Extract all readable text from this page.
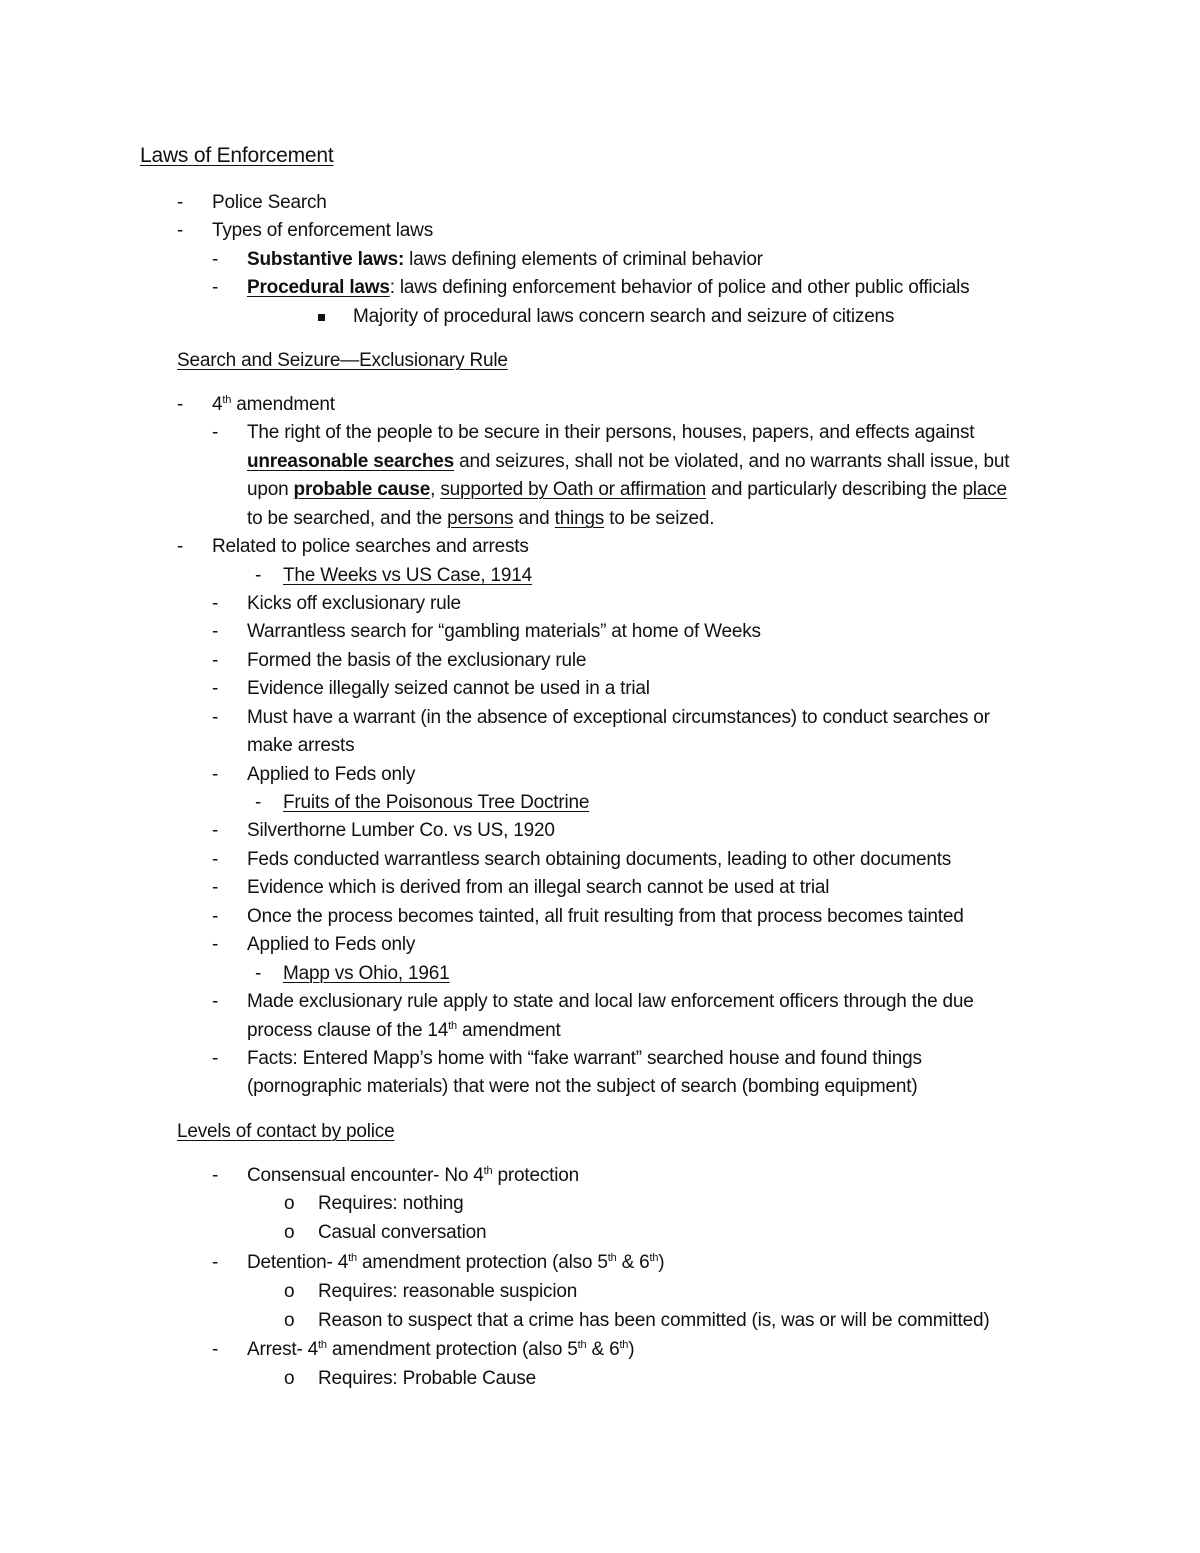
Laws of Enforcement
- Police Search
- Types of enforcement laws
- Substantive laws: laws defining elements of criminal behavior
- Procedural laws: laws defining enforcement behavior of police and other public officials
Majority of procedural laws concern search and seizure of citizens
Search and Seizure—Exclusionary Rule
- 4th amendment
- The right of the people to be secure in their persons, houses, papers, and effects against
unreasonable searches and seizures, shall not be violated, and no warrants shall issue, but
upon probable cause, supported by Oath or affirmation and particularly describing the place
to be searched, and the persons and things to be seized.
- Related to police searches and arrests
- The Weeks vs US Case, 1914
- Kicks off exclusionary rule
- Warrantless search for “gambling materials” at home of Weeks
- Formed the basis of the exclusionary rule
- Evidence illegally seized cannot be used in a trial
- Must have a warrant (in the absence of exceptional circumstances) to conduct searches or
make arrests
- Applied to Feds only
- Fruits of the Poisonous Tree Doctrine
- Silverthorne Lumber Co. vs US, 1920
- Feds conducted warrantless search obtaining documents, leading to other documents
- Evidence which is derived from an illegal search cannot be used at trial
- Once the process becomes tainted, all fruit resulting from that process becomes tainted
- Applied to Feds only
- Mapp vs Ohio, 1961
- Made exclusionary rule apply to state and local law enforcement officers through the due
process clause of the 14th amendment
- Facts: Entered Mapp’s home with “fake warrant” searched house and found things
(pornographic materials) that were not the subject of search (bombing equipment)
Levels of contact by police
- Consensual encounter- No 4th protection
o Requires: nothing
o Casual conversation
- Detention- 4th amendment protection (also 5th & 6th)
o Requires: reasonable suspicion
o Reason to suspect that a crime has been committed (is, was or will be committed)
- Arrest- 4th amendment protection (also 5th & 6th)
o Requires: Probable Cause
